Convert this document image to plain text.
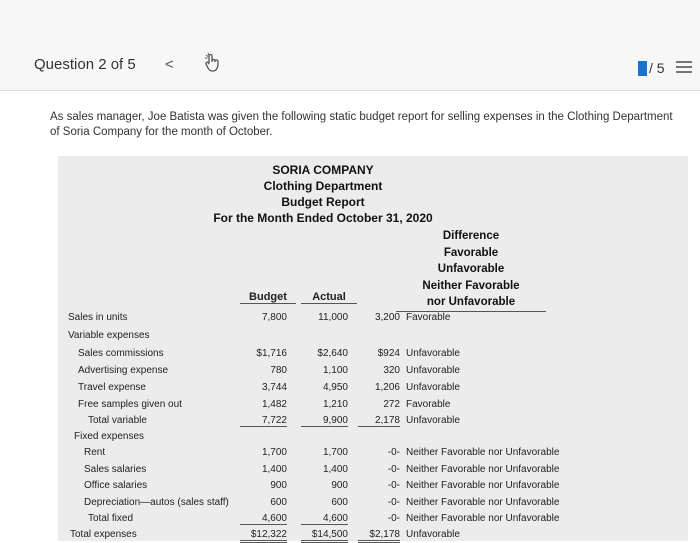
Question 2 of 5 <	/ 5
As sales manager, Joe Batista was given the following static budget report for selling expenses in the Clothing Department of Soria Company for the month of October.
SORIA COMPANY
Clothing Department
Budget Report
For the Month Ended October 31, 2020
Difference
Favorable
Unfavorable
Neither Favorable
nor Unfavorable
Budget	Actual
Sales in units	7,800	11,000	3,200 Favorable
Variable expenses
Sales commissions	$1,716	$2,640	$924 Unfavorable
Advertising expense	780	1,100	320 Unfavorable
Travel expense	3,744	4,950	1,206 Unfavorable
Free samples given out	1,482	1,210	272 Favorable
Total variable	7,722	9,900	2,178 Unfavorable
Fixed expenses
Rent	1,700	1,700	-0- Neither Favorable nor Unfavorable
Sales salaries	1,400	1,400	-0- Neither Favorable nor Unfavorable
Office salaries	900	900	-0- Neither Favorable nor Unfavorable
Depreciation—autos (sales staff)	600	600	-0- Neither Favorable nor Unfavorable
Total fixed	4,600	4,600	-0- Neither Favorable nor Unfavorable
Total expenses	$12,322	$14,500	$2,178 Unfavorable
